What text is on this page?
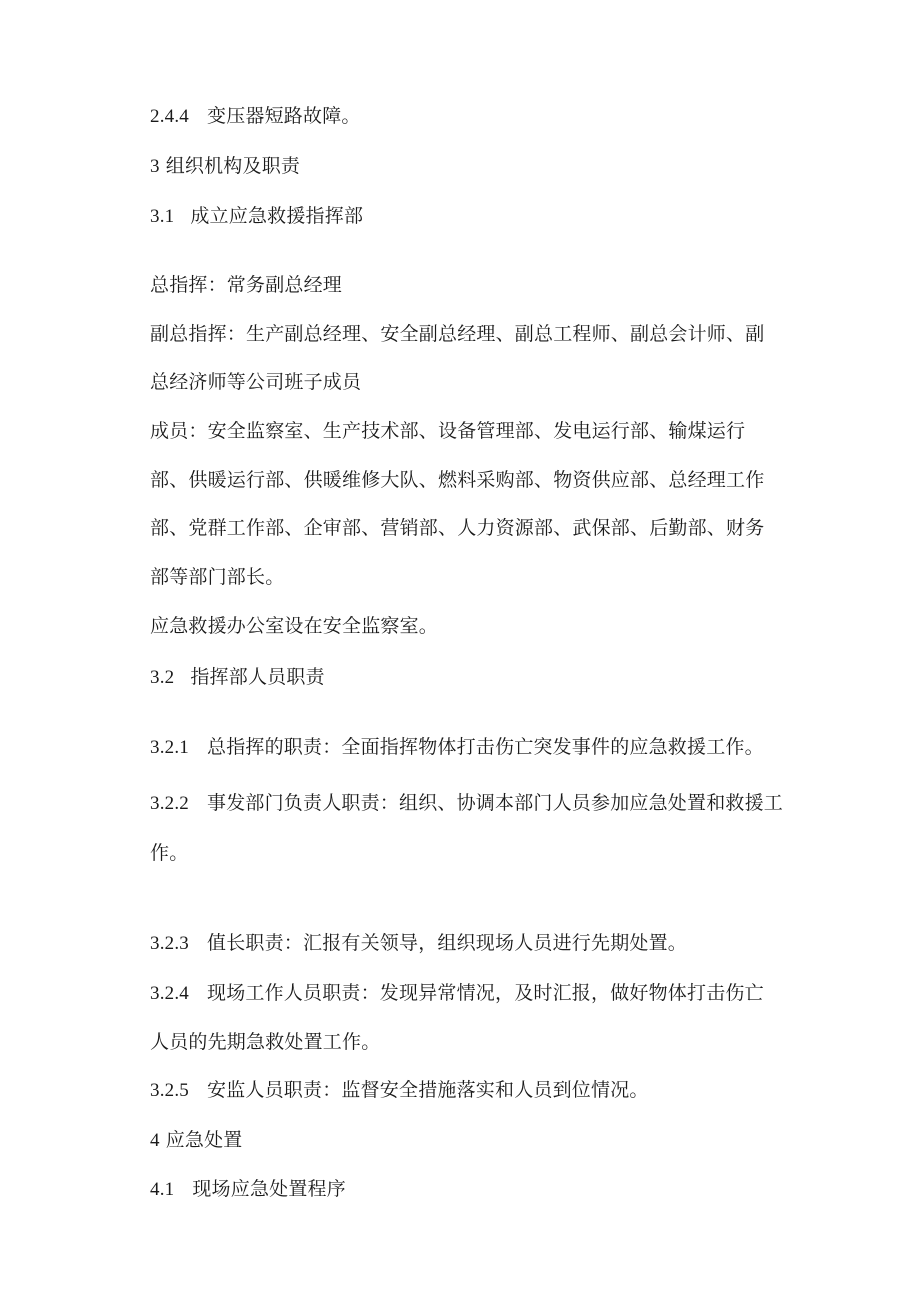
2.4.4 变压器短路故障。
3 组织机构及职责
3.1 成立应急救援指挥部
总指挥：常务副总经理
副总指挥：生产副总经理、安全副总经理、副总工程师、副总会计师、副
总经济师等公司班子成员
成员：安全监察室、生产技术部、设备管理部、发电运行部、输煤运行
部、供暖运行部、供暖维修大队、燃料采购部、物资供应部、总经理工作
部、党群工作部、企审部、营销部、人力资源部、武保部、后勤部、财务
部等部门部长。
应急救援办公室设在安全监察室。
3.2 指挥部人员职责
3.2.1 总指挥的职责：全面指挥物体打击伤亡突发事件的应急救援工作。
3.2.2 事发部门负责人职责：组织、协调本部门人员参加应急处置和救援工
作。
3.2.3 值长职责：汇报有关领导，组织现场人员进行先期处置。
3.2.4 现场工作人员职责：发现异常情况，及时汇报，做好物体打击伤亡
人员的先期急救处置工作。
3.2.5 安监人员职责：监督安全措施落实和人员到位情况。
4 应急处置
4.1 现场应急处置程序
